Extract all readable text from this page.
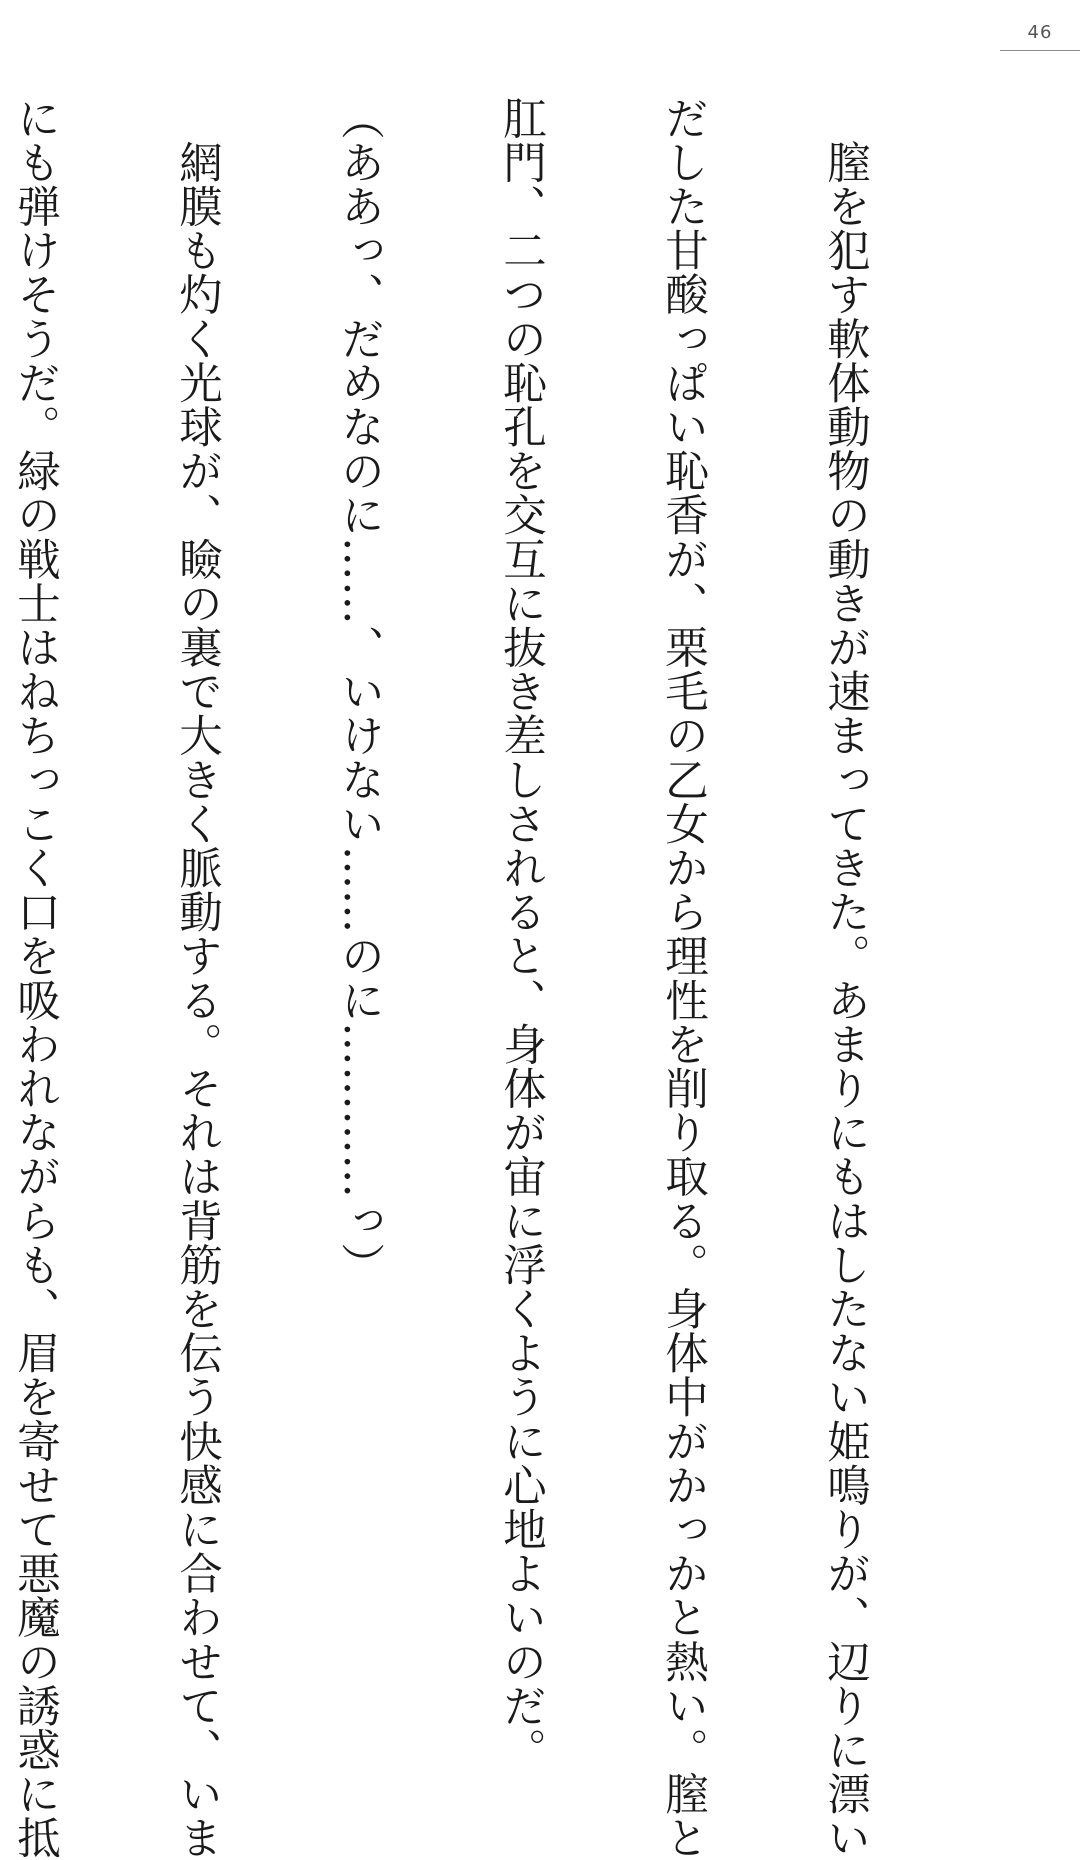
46

　膣を犯す軟体動物の動きが速まってきた。あまりにもはしたない姫鳴りが、辺りに漂い

だした甘酸っぱい恥香が、栗毛の乙女から理性を削り取る。身体中がかっかと熱い。膣と

肛門、二つの恥孔を交互に抜き差しされると、身体が宙に浮くように心地よいのだ。

（ああっ、だめなのに……、いけない……のに…………っ）

　網膜も灼く光球が、瞼の裏で大きく脈動する。それは背筋を伝う快感に合わせて、いま

にも弾けそうだ。緑の戦士はねちっこく口を吸われながらも、眉を寄せて悪魔の誘惑に抵
